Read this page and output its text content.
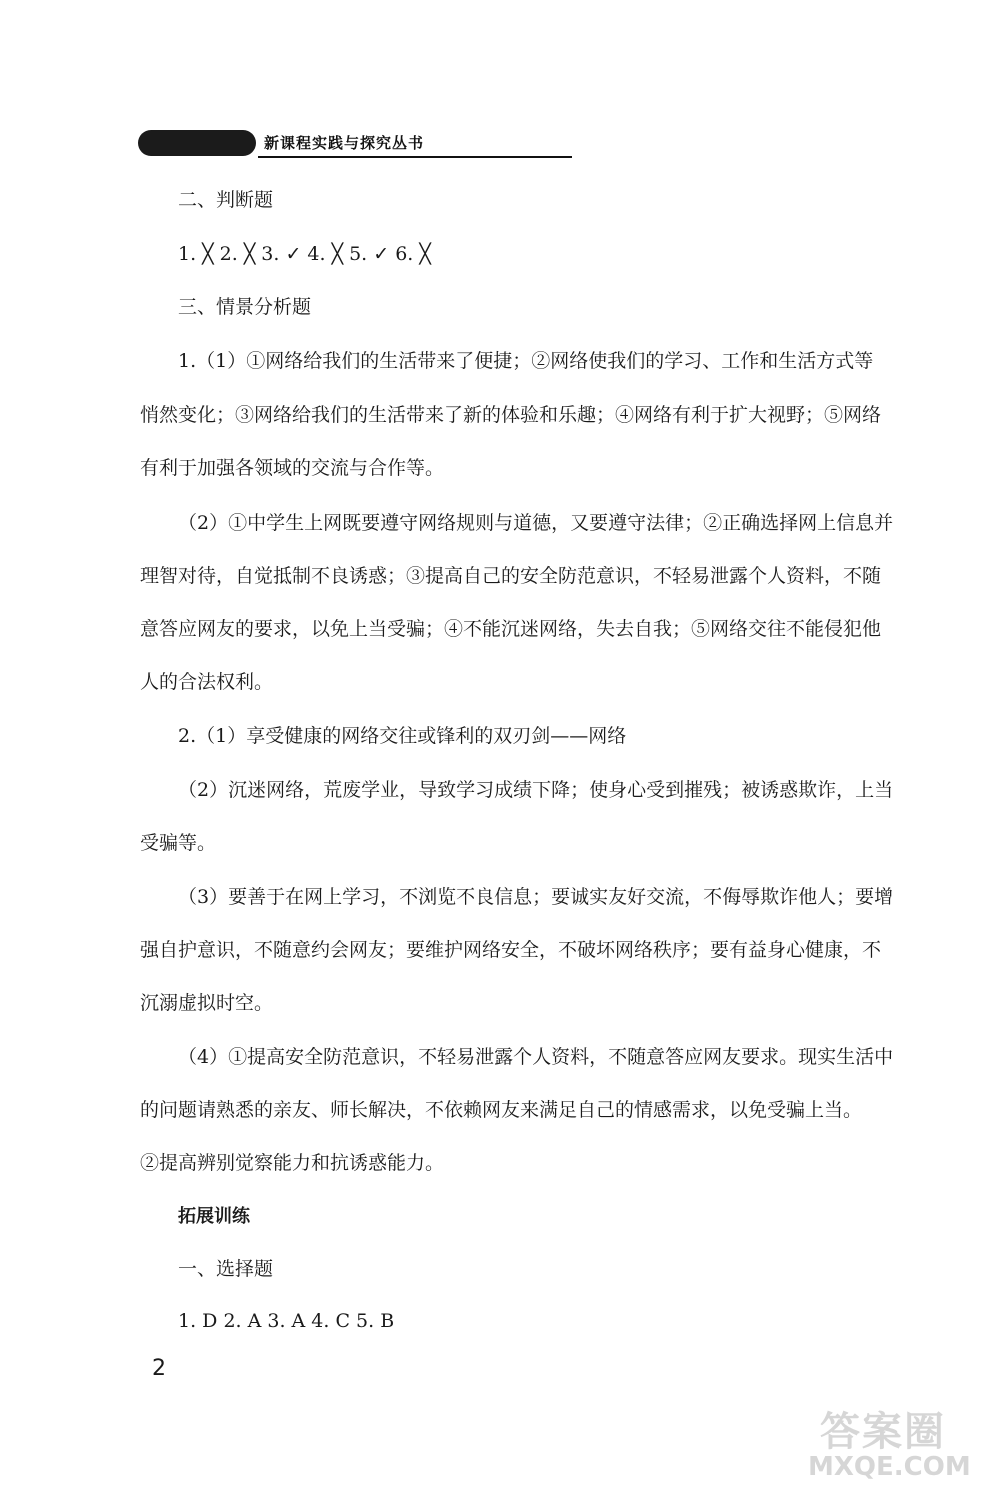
新课程实践与探究丛书
二、判断题
1. ╳ 2. ╳ 3. ✓ 4. ╳ 5. ✓ 6. ╳
三、情景分析题
1.（1）①网络给我们的生活带来了便捷；②网络使我们的学习、工作和生活方式等
悄然变化；③网络给我们的生活带来了新的体验和乐趣；④网络有利于扩大视野；⑤网络
有利于加强各领域的交流与合作等。
（2）①中学生上网既要遵守网络规则与道德，又要遵守法律；②正确选择网上信息并
理智对待，自觉抵制不良诱惑；③提高自己的安全防范意识，不轻易泄露个人资料，不随
意答应网友的要求，以免上当受骗；④不能沉迷网络，失去自我；⑤网络交往不能侵犯他
人的合法权利。
2.（1）享受健康的网络交往或锋利的双刃剑——网络
（2）沉迷网络，荒废学业，导致学习成绩下降；使身心受到摧残；被诱惑欺诈，上当
受骗等。
（3）要善于在网上学习，不浏览不良信息；要诚实友好交流，不侮辱欺诈他人；要增
强自护意识，不随意约会网友；要维护网络安全，不破坏网络秩序；要有益身心健康，不
沉溺虚拟时空。
（4）①提高安全防范意识，不轻易泄露个人资料，不随意答应网友要求。现实生活中
的问题请熟悉的亲友、师长解决，不依赖网友来满足自己的情感需求，以免受骗上当。
②提高辨别觉察能力和抗诱惑能力。
拓展训练
一、选择题
1. D 2. A 3. A 4. C 5. B
2
答案圈
MXQE.COM
